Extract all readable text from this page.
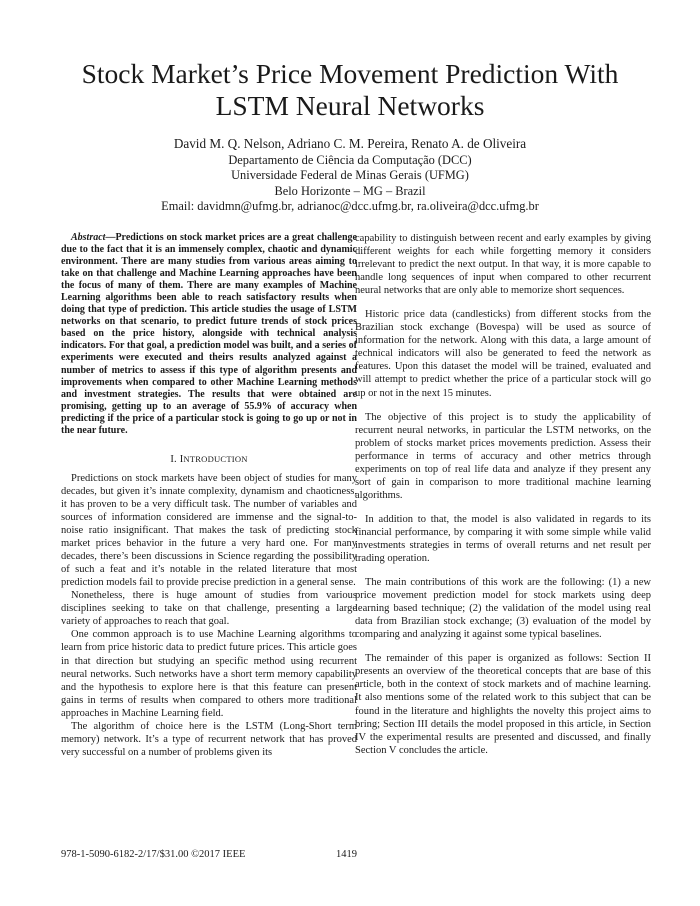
Stock Market’s Price Movement Prediction With
LSTM Neural Networks
David M. Q. Nelson, Adriano C. M. Pereira, Renato A. de Oliveira
Departamento de Ciência da Computação (DCC)
Universidade Federal de Minas Gerais (UFMG)
Belo Horizonte – MG – Brazil
Email: davidmn@ufmg.br, adrianoc@dcc.ufmg.br, ra.oliveira@dcc.ufmg.br

Abstract—Predictions on stock market prices are a great challenge due to the fact that it is an immensely complex, chaotic and dynamic environment. There are many studies from various areas aiming to take on that challenge and Machine Learning approaches have been the focus of many of them. There are many examples of Machine Learning algorithms been able to reach satisfactory results when doing that type of prediction. This article studies the usage of LSTM networks on that scenario, to predict future trends of stock prices based on the price history, alongside with technical analysis indicators. For that goal, a prediction model was built, and a series of experiments were executed and theirs results analyzed against a number of metrics to assess if this type of algorithm presents and improvements when compared to other Machine Learning methods and investment strategies. The results that were obtained are promising, getting up to an average of 55.9% of accuracy when predicting if the price of a particular stock is going to go up or not in the near future.

I. INTRODUCTION

Predictions on stock markets have been object of studies for many decades, but given it’s innate complexity, dynamism and chaoticness, it has proven to be a very difficult task. The number of variables and sources of information considered are immense and the signal-to-noise ratio insignificant. That makes the task of predicting stock market prices behavior in the future a very hard one. For many decades, there’s been discussions in Science regarding the possibility of such a feat and it’s notable in the related literature that most prediction models fail to provide precise prediction in a general sense.

Nonetheless, there is huge amount of studies from various disciplines seeking to take on that challenge, presenting a large variety of approaches to reach that goal.

One common approach is to use Machine Learning algorithms to learn from price historic data to predict future prices. This article goes in that direction but studying an specific method using recurrent neural networks. Such networks have a short term memory capability and the hypothesis to explore here is that this feature can present gains in terms of results when compared to others more traditional approaches in Machine Learning field.

The algorithm of choice here is the LSTM (Long-Short term memory) network. It’s a type of recurrent network that has proved very successful on a number of problems given its

capability to distinguish between recent and early examples by giving different weights for each while forgetting memory it considers irrelevant to predict the next output. In that way, it is more capable to handle long sequences of input when compared to other recurrent neural networks that are only able to memorize short sequences.

Historic price data (candlesticks) from different stocks from the Brazilian stock exchange (Bovespa) will be used as source of information for the network. Along with this data, a large amount of technical indicators will also be generated to feed the network as features. Upon this dataset the model will be trained, evaluated and will attempt to predict whether the price of a particular stock will go up or not in the next 15 minutes.

The objective of this project is to study the applicability of recurrent neural networks, in particular the LSTM networks, on the problem of stocks market prices movements prediction. Assess their performance in terms of accuracy and other metrics through experiments on top of real life data and analyze if they present any sort of gain in comparison to more traditional machine learning algorithms.

In addition to that, the model is also validated in regards to its financial performance, by comparing it with some simple while valid investments strategies in terms of overall returns and net result per trading operation.

The main contributions of this work are the following: (1) a new price movement prediction model for stock markets using deep learning based technique; (2) the validation of the model using real data from Brazilian stock exchange; (3) evaluation of the model by comparing and analyzing it against some typical baselines.

The remainder of this paper is organized as follows: Section II presents an overview of the theoretical concepts that are base of this article, both in the context of stock markets and of machine learning. It also mentions some of the related work to this subject that can be found in the literature and highlights the novelty this project aims to bring; Section III details the model proposed in this article, in Section IV the experimental results are presented and discussed, and finally Section V concludes the article.

978-1-5090-6182-2/17/$31.00 ©2017 IEEE	1419
